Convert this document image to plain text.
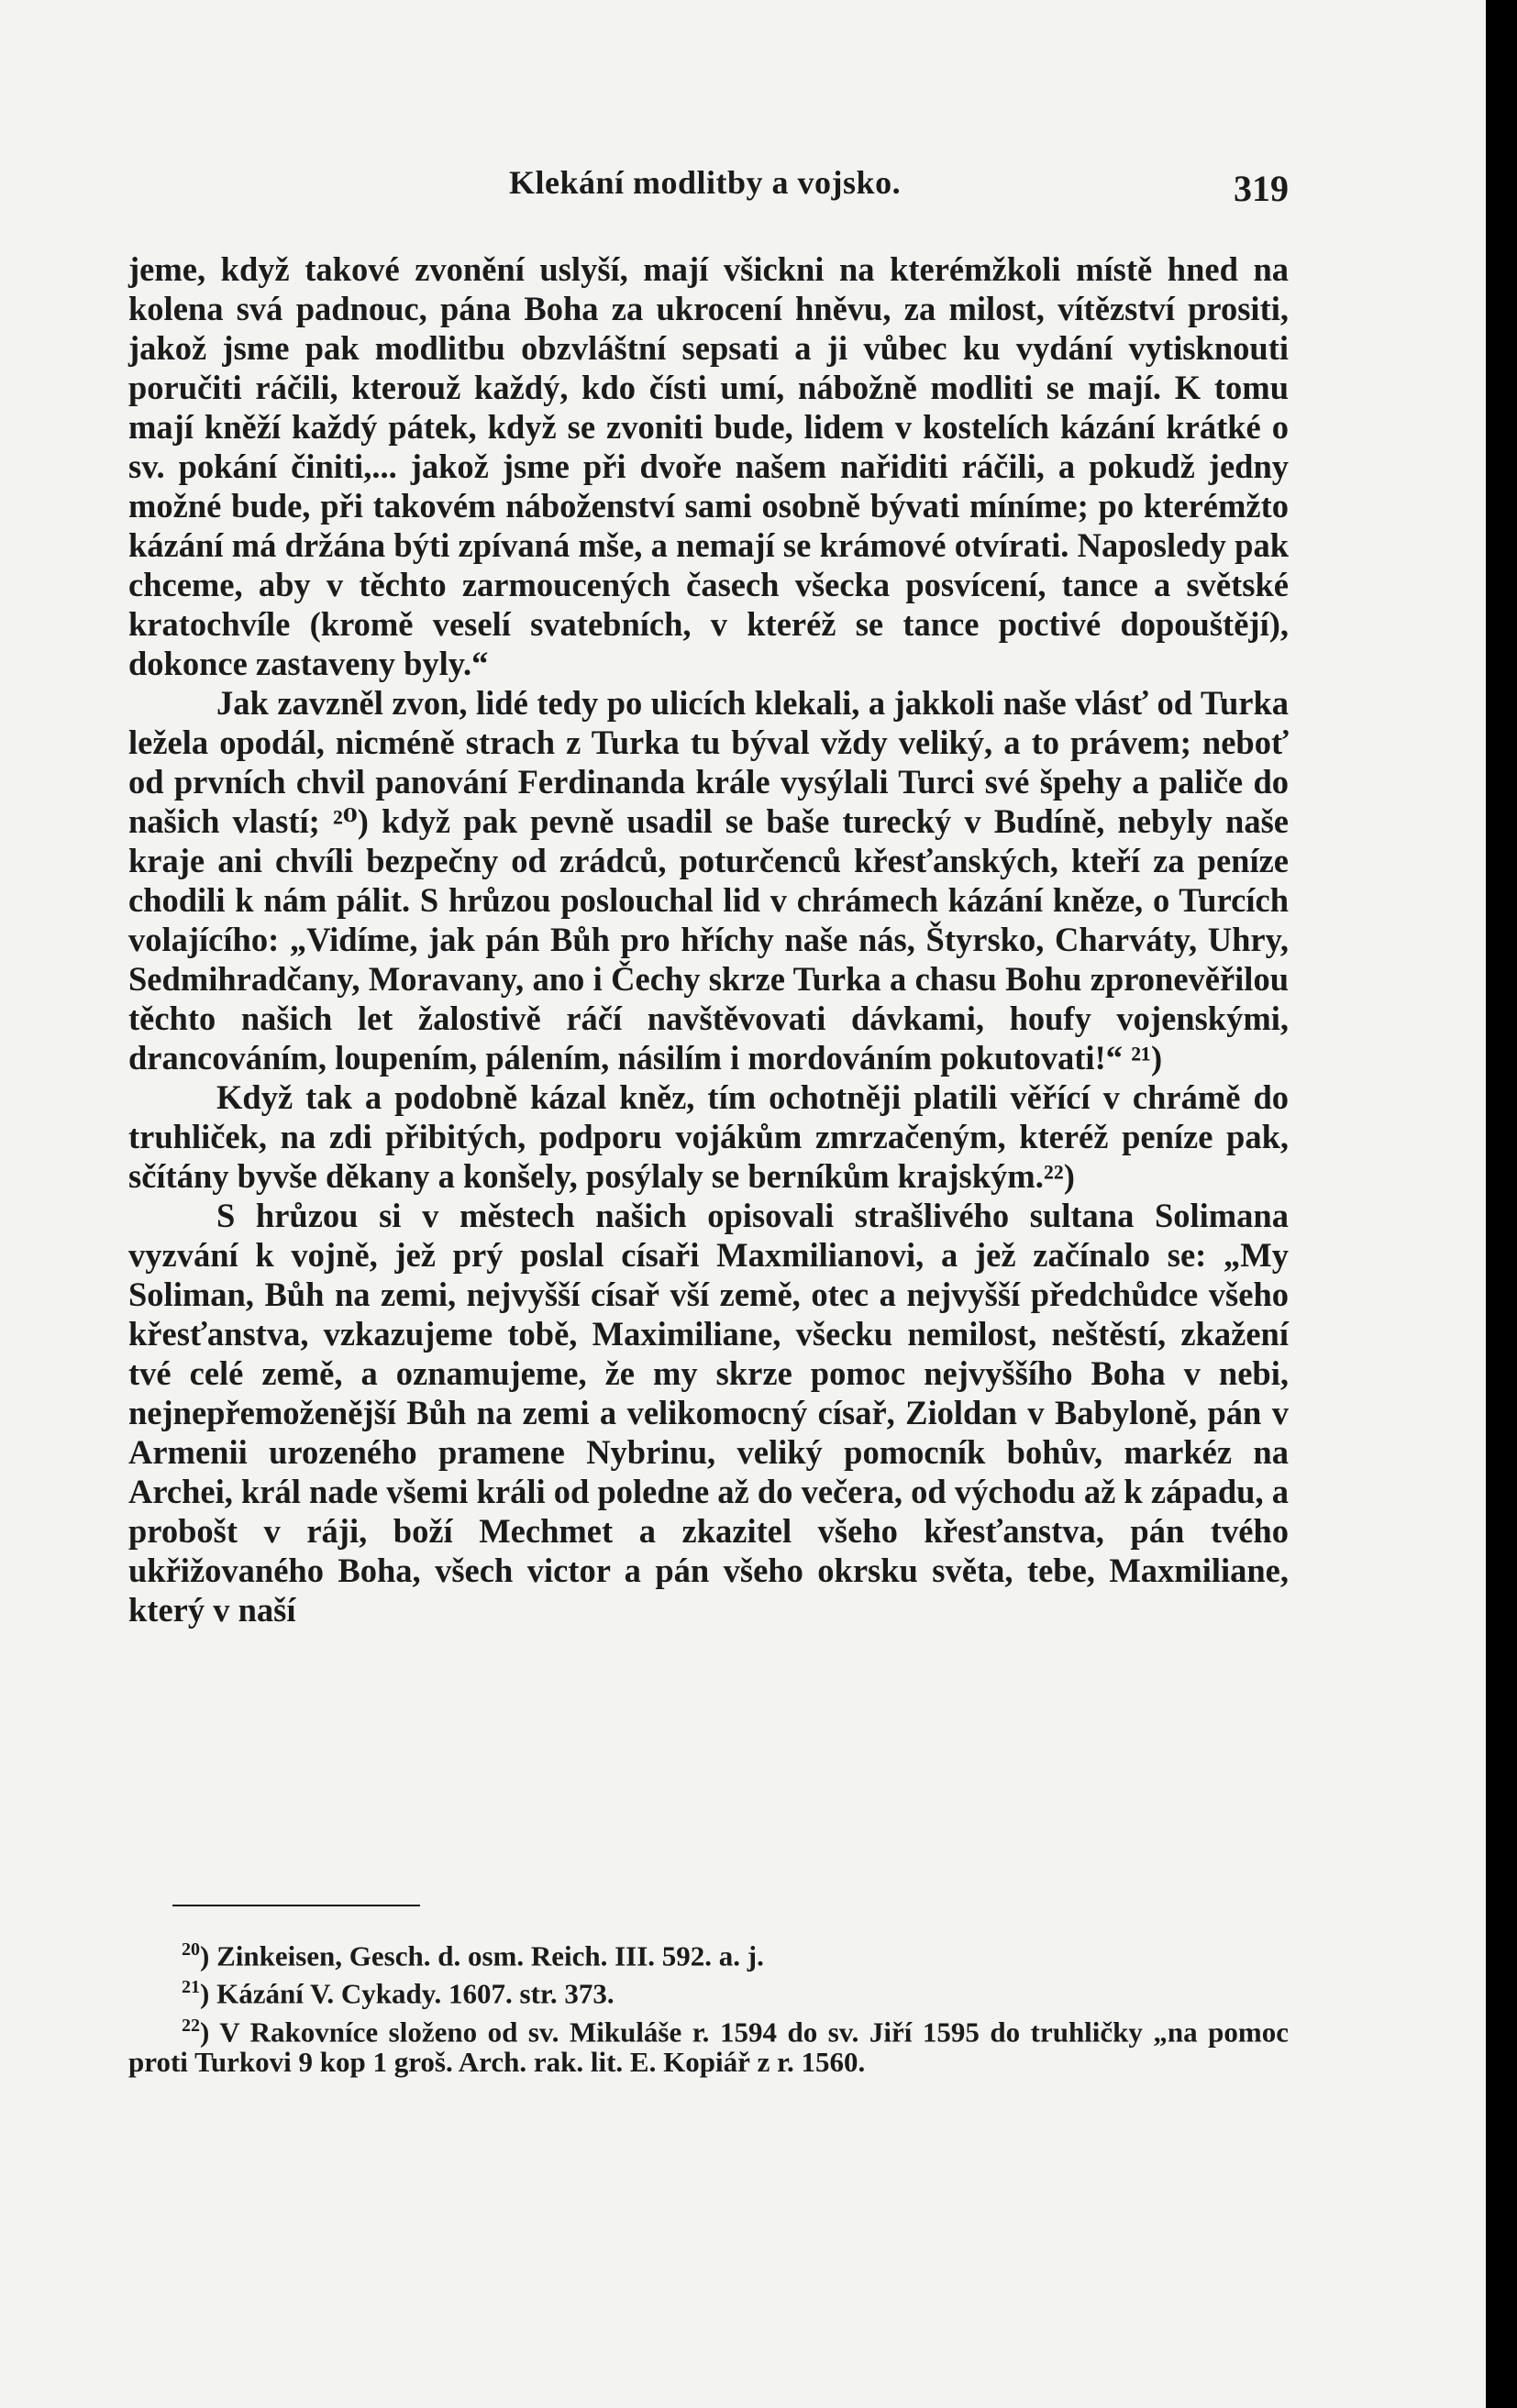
Klekání modlitby a vojsko.	319

jeme, když takové zvonění uslyší, mají všickni na kterémžkoli místě hned na kolena svá padnouc, pána Boha za ukrocení hněvu, za milost, vítězství prositi, jakož jsme pak modlitbu obzvláštní sepsati a ji vůbec ku vydání vytisknouti poručiti ráčili, kterouž každý, kdo čísti umí, nábožně modliti se mají. K tomu mají kněží každý pátek, když se zvoniti bude, lidem v kostelích kázání krátké o sv. pokání činiti,... jakož jsme při dvoře našem nařiditi ráčili, a pokudž jedny možné bude, při takovém náboženství sami osobně bývati míníme; po kterémžto kázání má držána býti zpívaná mše, a nemají se krámové otvírati. Naposledy pak chceme, aby v těchto zarmoucených časech všecka posvícení, tance a světské kratochvíle (kromě veselí svatebních, v kteréž se tance poctivé dopouštějí), dokonce zastaveny byly.“

Jak zavzněl zvon, lidé tedy po ulicích klekali, a jakkoli naše vlásť od Turka ležela opodál, nicméně strach z Turka tu býval vždy veliký, a to právem; neboť od prvních chvil panování Ferdinanda krále vysýlali Turci své špehy a paliče do našich vlastí; ²⁰) když pak pevně usadil se baše turecký v Budíně, nebyly naše kraje ani chvíli bezpečny od zrádců, poturčenců křesťanských, kteří za peníze chodili k nám pálit. S hrůzou poslouchal lid v chrámech kázání kněze, o Turcích volajícího: „Vidíme, jak pán Bůh pro hříchy naše nás, Štyrsko, Charváty, Uhry, Sedmihradčany, Moravany, ano i Čechy skrze Turka a chasu Bohu zpronevěřilou těchto našich let žalostivě ráčí navštěvovati dávkami, houfy vojenskými, drancováním, loupením, pálením, násilím i mordováním pokutovati!“ ²¹)

Když tak a podobně kázal kněz, tím ochotněji platili věřící v chrámě do truhliček, na zdi přibitých, podporu vojákům zmrzačeným, kteréž peníze pak, sčítány byvše děkany a konšely, posýlaly se berníkům krajským.²²)

S hrůzou si v městech našich opisovali strašlivého sultana Solimana vyzvání k vojně, jež prý poslal císaři Maxmilianovi, a jež začínalo se: „My Soliman, Bůh na zemi, nejvyšší císař vší země, otec a nejvyšší předchůdce všeho křesťanstva, vzkazujeme tobě, Maximiliane, všecku nemilost, neštěstí, zkažení tvé celé země, a oznamujeme, že my skrze pomoc nejvyššího Boha v nebi, nejnepřemoženější Bůh na zemi a velikomocný císař, Zioldan v Babyloně, pán v Armenii urozeného pramene Nybrinu, veliký pomocník bohův, markéz na Archei, král nade všemi králi od poledne až do večera, od východu až k západu, a probošt v ráji, boží Mechmet a zkazitel všeho křesťanstva, pán tvého ukřižovaného Boha, všech victor a pán všeho okrsku světa, tebe, Maxmiliane, který v naší

$^{20}$) Zinkeisen, Gesch. d. osm. Reich. III. 592. a. j.

$^{21}$) Kázání V. Cykady. 1607. str. 373.

$^{22}$) V Rakovníce složeno od sv. Mikuláše r. 1594 do sv. Jiří 1595 do truhličky „na pomoc proti Turkovi 9 kop 1 groš. Arch. rak. lit. E. Kopiář z r. 1560.
